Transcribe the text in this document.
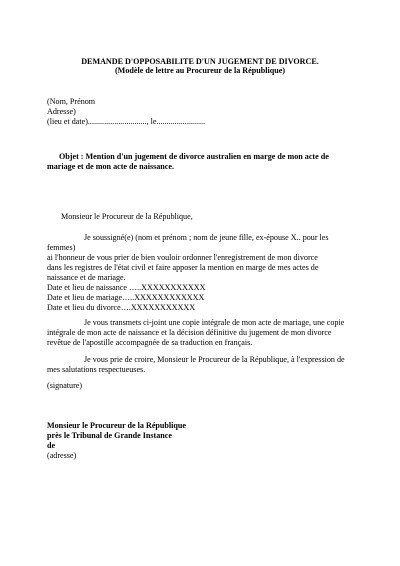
DEMANDE D'OPPOSABILITE D'UN JUGEMENT DE DIVORCE.
(Modèle de lettre au Procureur de la République)
(Nom, Prénom
Adresse)
(lieu et date)............................., le........................
Objet : Mention d'un jugement de divorce australien en marge de mon acte de
mariage et de mon acte de naissance.
Monsieur le Procureur de la République,
Je soussigné(e) (nom et prénom ; nom de jeune fille, ex-épouse X.. pour les
femmes)
ai l'honneur de vous prier de bien vouloir ordonner l'enregistrement de mon divorce
dans les registres de l'état civil et faire apposer la mention en marge de mes actes de
naissance et de mariage.
Date et lieu de naissance …..XXXXXXXXXXX
Date et lieu de mariage…..XXXXXXXXXXXX
Date et lieu du divorce….XXXXXXXXXXX
Je vous transmets ci-joint une copie intégrale de mon acte de mariage, une copie
intégrale de mon acte de naissance et la décision définitive du jugement de mon divorce
revêtue de l'apostille accompagnée de sa traduction en français.
Je vous prie de croire, Monsieur le Procureur de la République, à l'expression de
mes salutations respectueuses.
(signature)
Monsieur le Procureur de la République
près le Tribunal de Grande Instance
de
(adresse)
